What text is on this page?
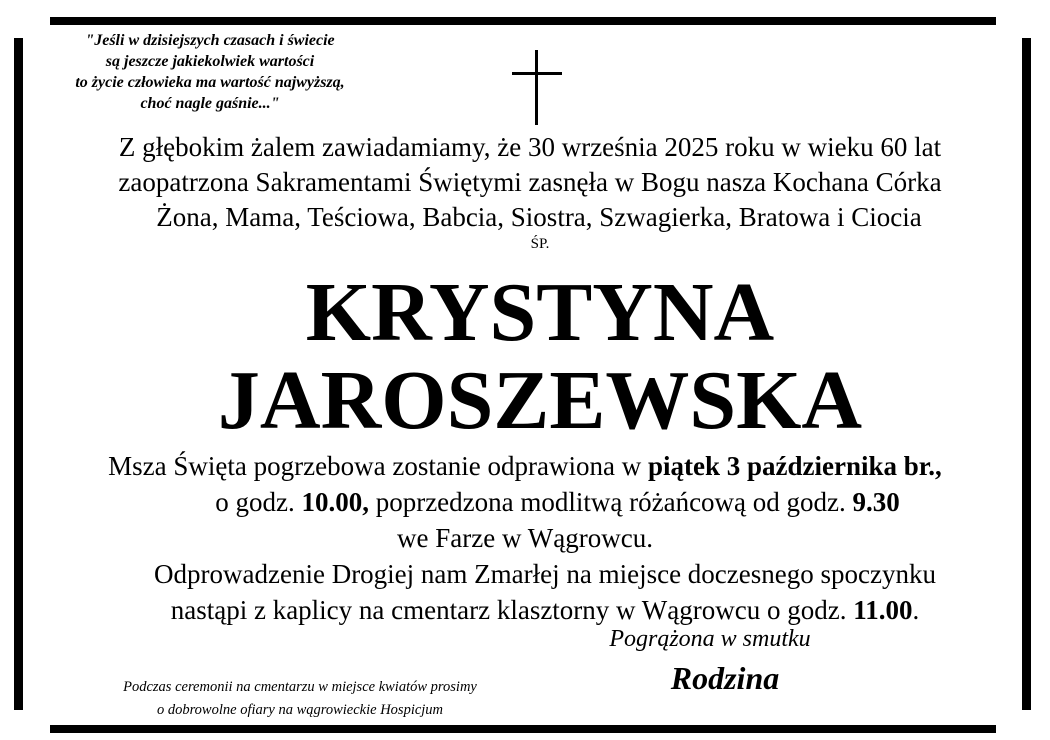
"Jeśli w dzisiejszych czasach i świecie
są jeszcze jakiekolwiek wartości
to życie człowieka ma wartość najwyższą,
choć nagle gaśnie..."
Z głębokim żalem zawiadamiamy, że 30 września 2025 roku w wieku 60 lat
zaopatrzona Sakramentami Świętymi zasnęła w Bogu nasza Kochana Córka
Żona, Mama, Teściowa, Babcia, Siostra, Szwagierka, Bratowa i Ciocia
ŚP.
KRYSTYNA
JAROSZEWSKA
Msza Święta pogrzebowa zostanie odprawiona w piątek 3 października br.,
o godz. 10.00, poprzedzona modlitwą różańcową od godz. 9.30
we Farze w Wągrowcu.
Odprowadzenie Drogiej nam Zmarłej na miejsce doczesnego spoczynku
nastąpi z kaplicy na cmentarz klasztorny w Wągrowcu o godz. 11.00.
Pogrążona w smutku
Rodzina
Podczas ceremonii na cmentarzu w miejsce kwiatów prosimy
o dobrowolne ofiary na wągrowieckie Hospicjum
